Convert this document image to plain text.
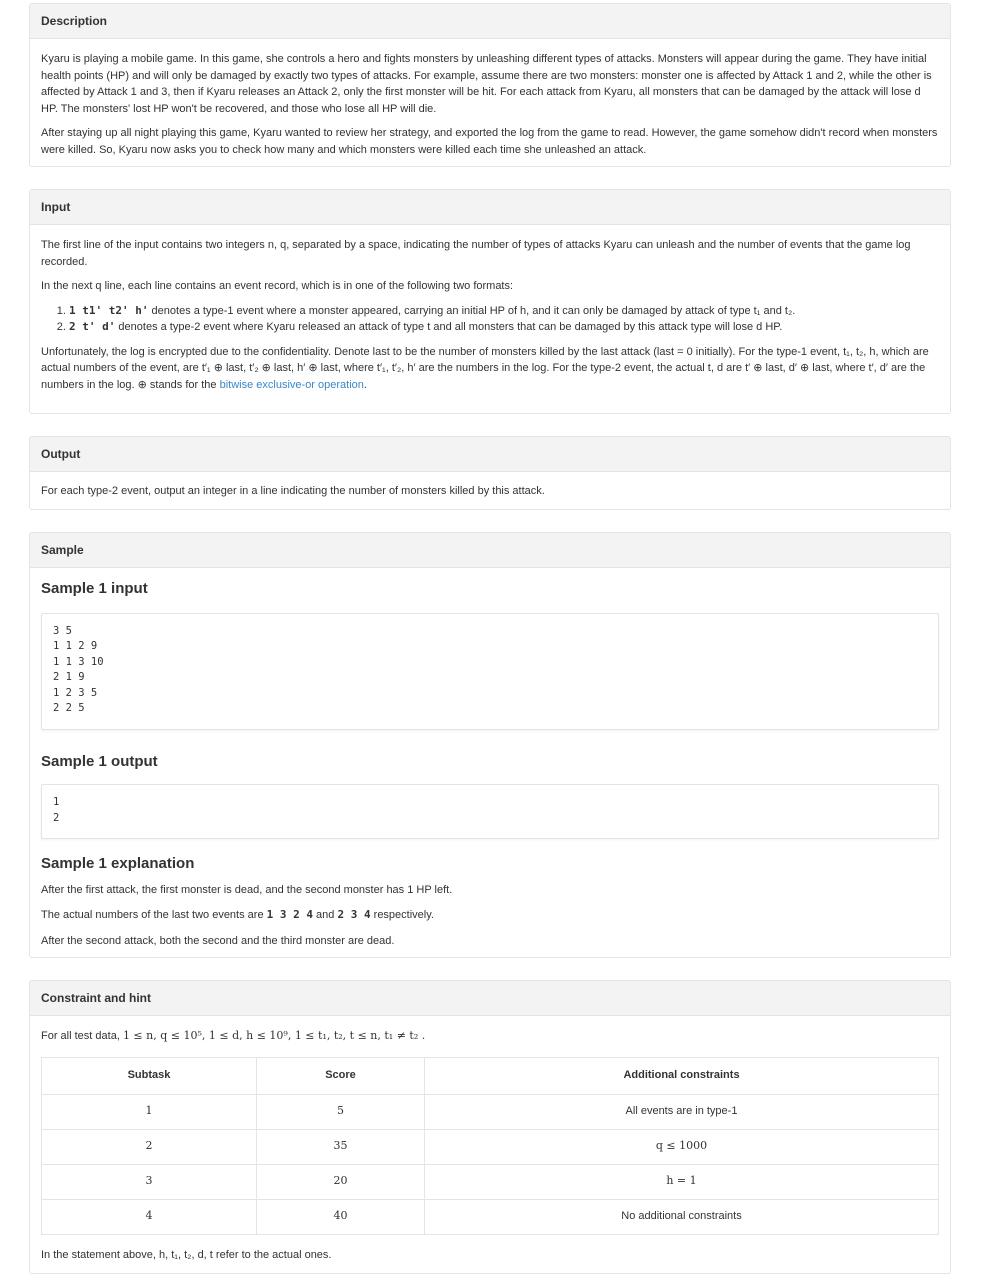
Description

Kyaru is playing a mobile game. In this game, she controls a hero and fights monsters by unleashing different types of attacks. Monsters will appear during the game. They have initial health points (HP) and will only be damaged by exactly two types of attacks. For example, assume there are two monsters: monster one is affected by Attack 1 and 2, while the other is affected by Attack 1 and 3, then if Kyaru releases an Attack 2, only the first monster will be hit. For each attack from Kyaru, all monsters that can be damaged by the attack will lose d HP. The monsters' lost HP won't be recovered, and those who lose all HP will die.

After staying up all night playing this game, Kyaru wanted to review her strategy, and exported the log from the game to read. However, the game somehow didn't record when monsters were killed. So, Kyaru now asks you to check how many and which monsters were killed each time she unleashed an attack.

Input

The first line of the input contains two integers n, q, separated by a space, indicating the number of types of attacks Kyaru can unleash and the number of events that the game log recorded.

In the next q line, each line contains an event record, which is in one of the following two formats:

1. 1 t1' t2' h' denotes a type-1 event where a monster appeared, carrying an initial HP of h, and it can only be damaged by attack of type t₁ and t₂.
2. 2 t' d' denotes a type-2 event where Kyaru released an attack of type t and all monsters that can be damaged by this attack type will lose d HP.

Unfortunately, the log is encrypted due to the confidentiality. Denote last to be the number of monsters killed by the last attack (last = 0 initially). For the type-1 event, t₁, t₂, h, which are actual numbers of the event, are t′₁ ⊕ last, t′₂ ⊕ last, h′ ⊕ last, where t′₁, t′₂, h′ are the numbers in the log. For the type-2 event, the actual t, d are t′ ⊕ last, d′ ⊕ last, where t′, d′ are the numbers in the log. ⊕ stands for the bitwise exclusive-or operation.

Output

For each type-2 event, output an integer in a line indicating the number of monsters killed by this attack.

Sample
Sample 1 input
3 5
1 1 2 9
1 1 3 10
2 1 9
1 2 3 5
2 2 5
Sample 1 output
1
2
Sample 1 explanation

After the first attack, the first monster is dead, and the second monster has 1 HP left.

The actual numbers of the last two events are 1 3 2 4 and 2 3 4 respectively.

After the second attack, both the second and the third monster are dead.

Constraint and hint

For all test data, 1 ≤ n, q ≤ 10⁵, 1 ≤ d, h ≤ 10⁹, 1 ≤ t₁, t₂, t ≤ n, t₁ ≠ t₂ .

Subtask	Score	Additional constraints
1	5	All events are in type-1
2	35	q ≤ 1000
3	20	h = 1
4	40	No additional constraints

In the statement above, h, t₁, t₂, d, t refer to the actual ones.
